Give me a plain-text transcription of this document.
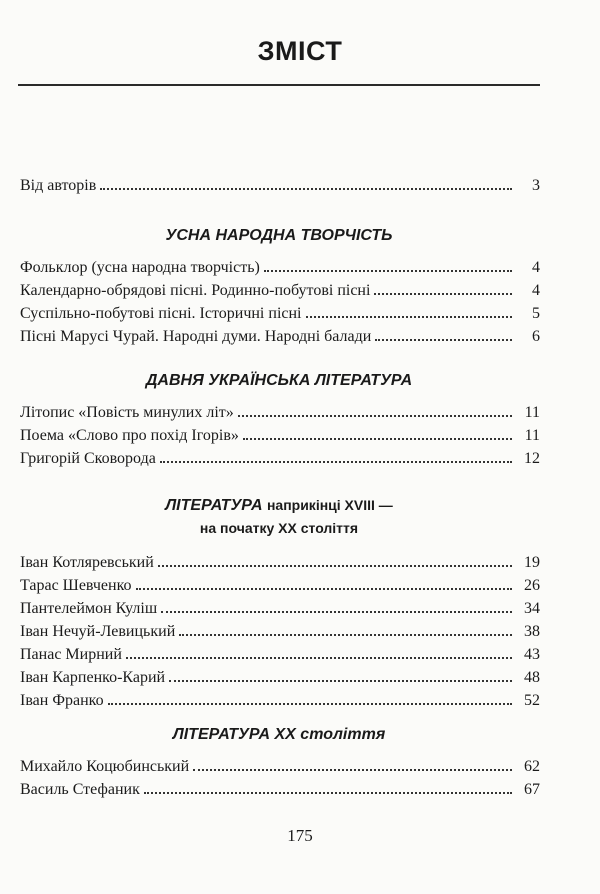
ЗМІСТ
Від авторів	3
УСНА НАРОДНА ТВОРЧІСТЬ
Фольклор (усна народна творчість)	4
Календарно-обрядові пісні. Родинно-побутові пісні	4
Суспільно-побутові пісні. Історичні пісні	5
Пісні Марусі Чурай. Народні думи. Народні балади	6
ДАВНЯ УКРАЇНСЬКА ЛІТЕРАТУРА
Літопис «Повість минулих літ»	11
Поема «Слово про похід Ігорів»	11
Григорій Сковорода	12
ЛІТЕРАТУРА наприкінці XVIII —
на початку XX століття
Іван Котляревський	19
Тарас Шевченко	26
Пантелеймон Куліш	34
Іван Нечуй-Левицький	38
Панас Мирний	43
Іван Карпенко-Карий	48
Іван Франко	52
ЛІТЕРАТУРА XX століття
Михайло Коцюбинський	62
Василь Стефаник	67
175
